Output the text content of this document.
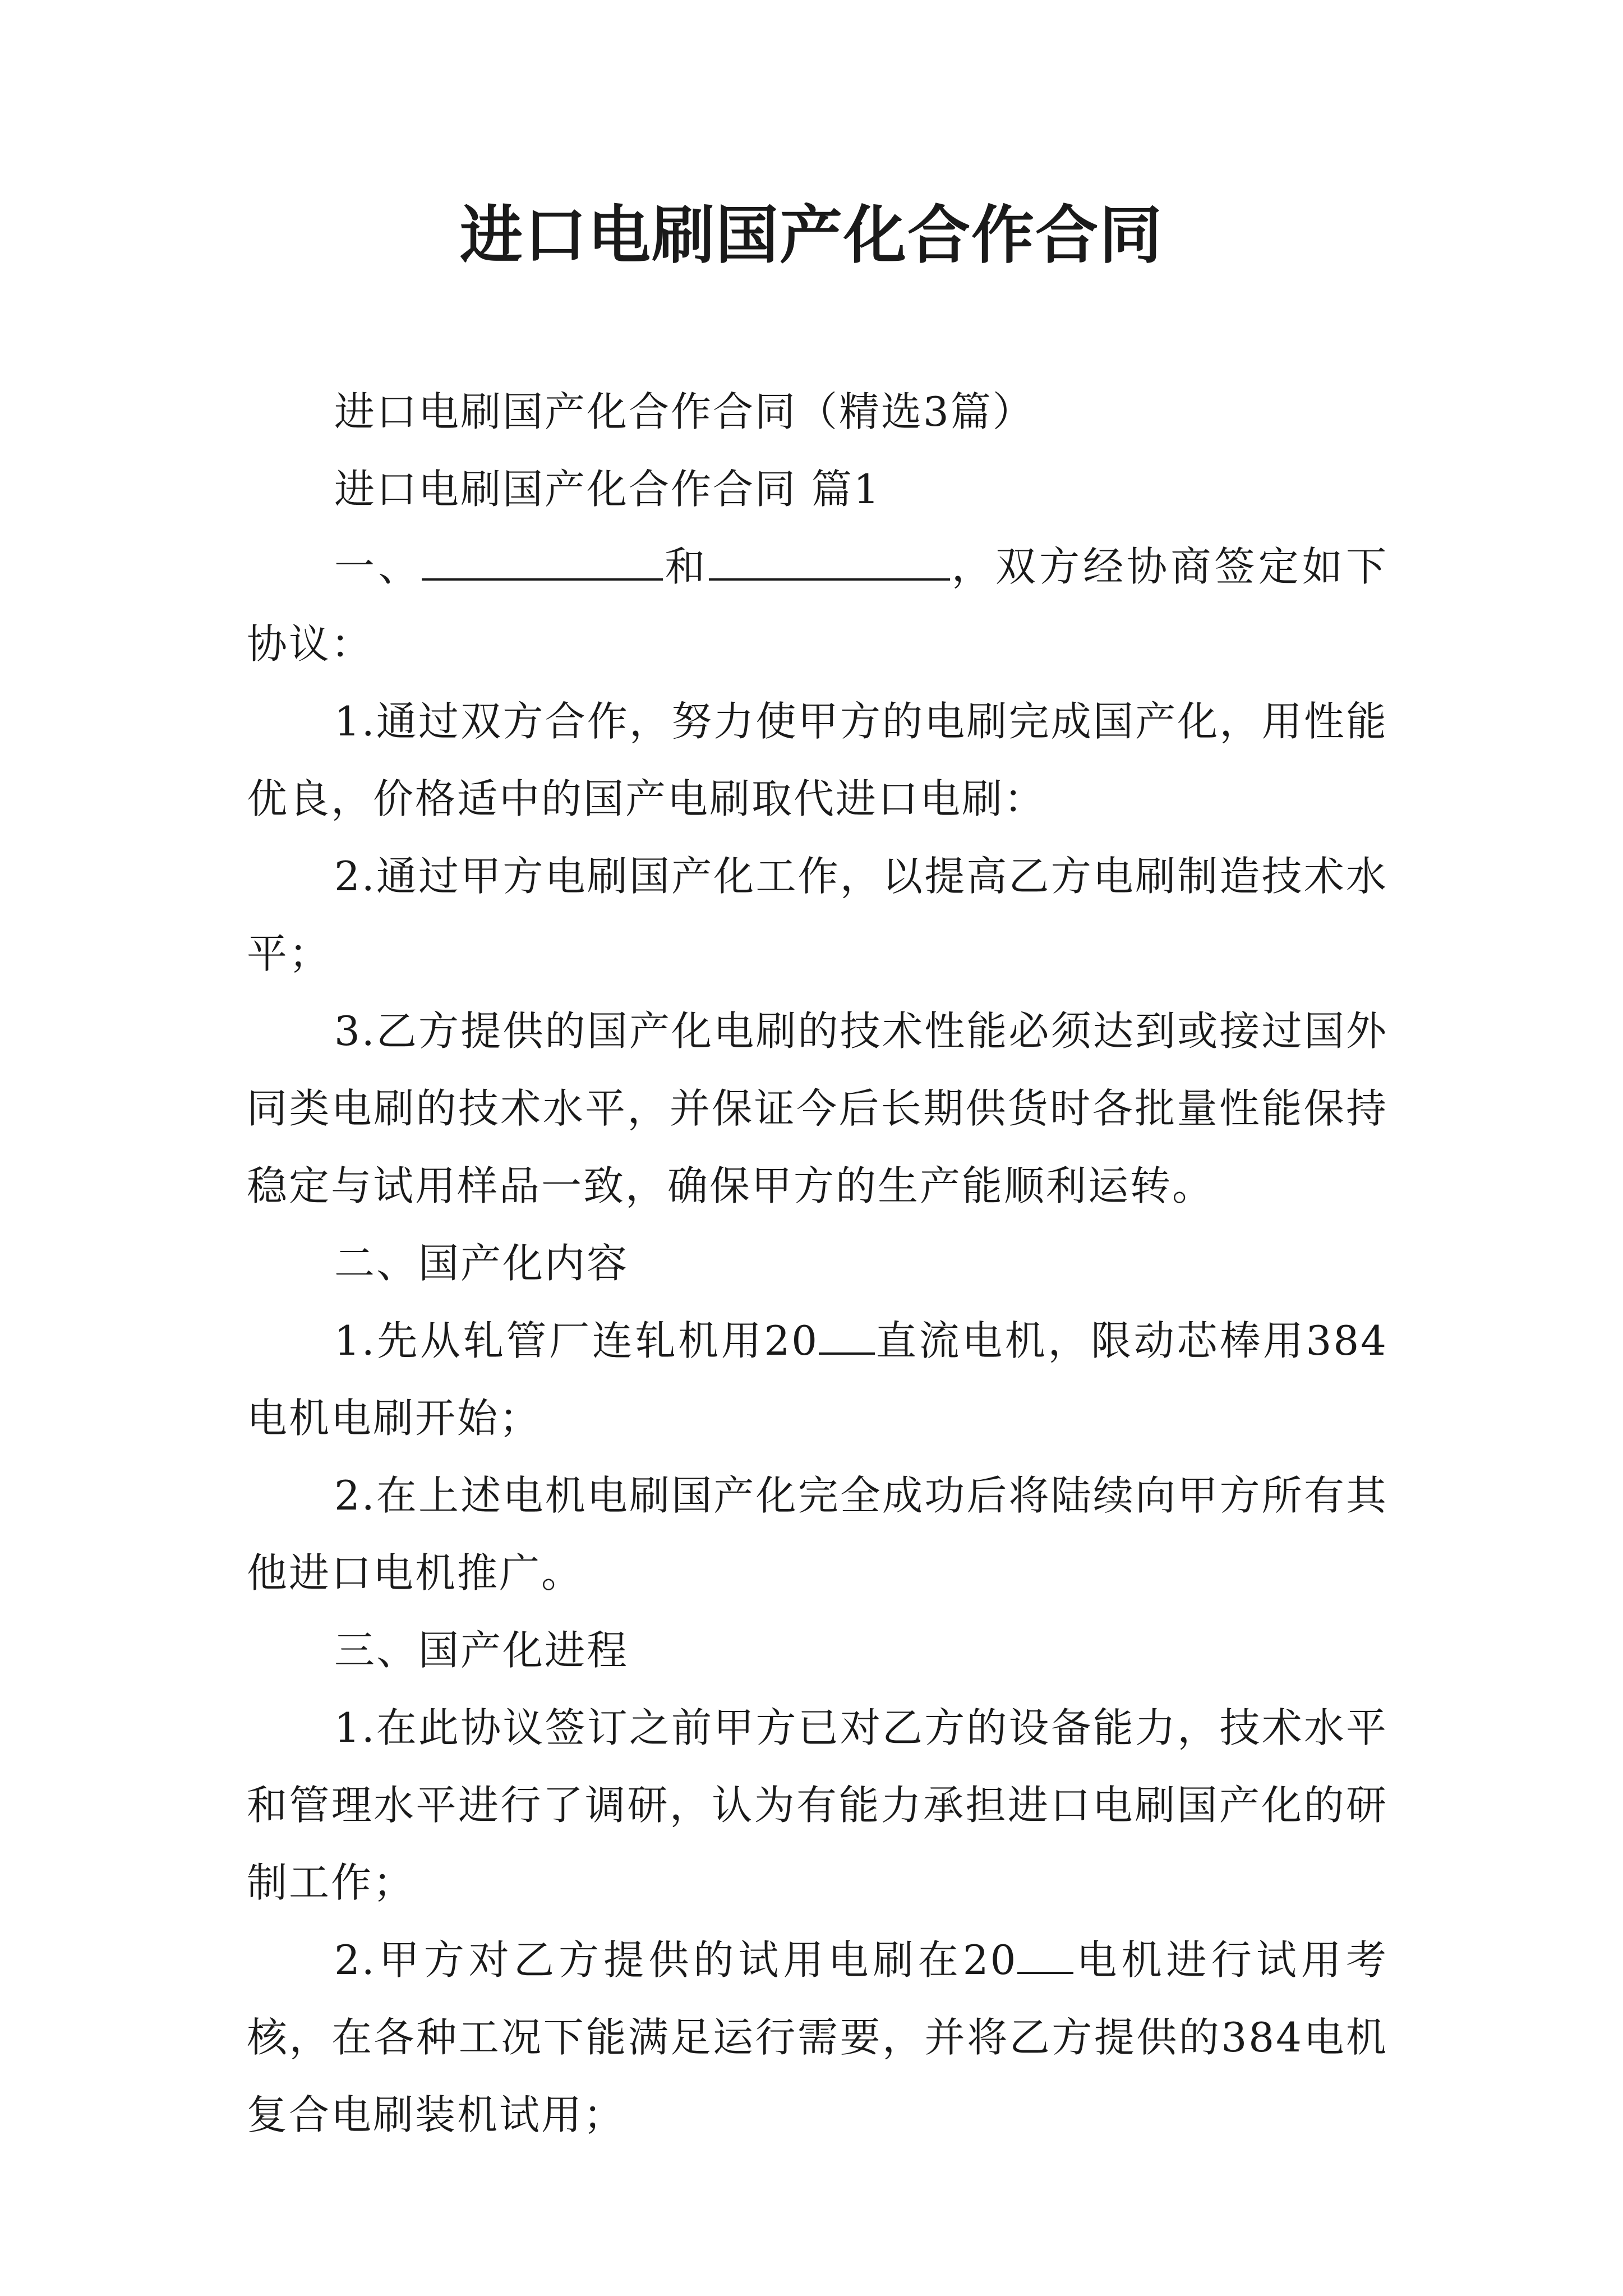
进口电刷国产化合作合同

进口电刷国产化合作合同（精选3篇）

进口电刷国产化合作合同 篇1

一、	和	，双方经协商签定如下协议：

1.通过双方合作，努力使甲方的电刷完成国产化，用性能优良，价格适中的国产电刷取代进口电刷：

2.通过甲方电刷国产化工作，以提高乙方电刷制造技术水平；

3.乙方提供的国产化电刷的技术性能必须达到或接过国外同类电刷的技术水平，并保证今后长期供货时各批量性能保持稳定与试用样品一致，确保甲方的生产能顺利运转。

二、国产化内容

1.先从轧管厂连轧机用20 直流电机，限动芯棒用384电机电刷开始；

2.在上述电机电刷国产化完全成功后将陆续向甲方所有其他进口电机推广。

三、国产化进程

1.在此协议签订之前甲方已对乙方的设备能力，技术水平和管理水平进行了调研，认为有能力承担进口电刷国产化的研制工作；

2.甲方对乙方提供的试用电刷在20 电机进行试用考核，在各种工况下能满足运行需要，并将乙方提供的384电机复合电刷装机试用；
